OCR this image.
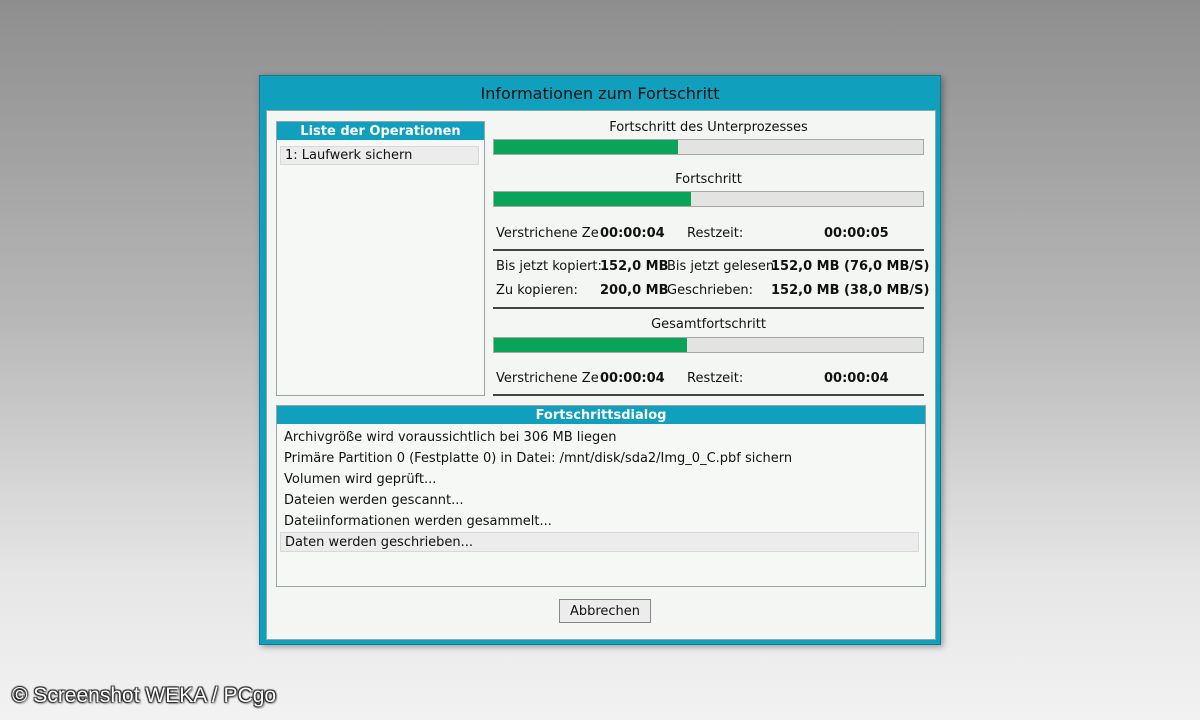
Informationen zum Fortschritt
Liste der Operationen
1: Laufwerk sichern
Fortschritt des Unterprozesses
Fortschritt
Verstrichene Ze 00:00:04 Restzeit:	00:00:05
Bis jetzt kopiert:
152,0 MB
Bis jetzt gelesen
152,0 MB (76,0 MB/S)
Zu kopieren: 200,0 MB
Geschrieben: 152,0 MB (38,0 MB/S)
Gesamtfortschritt
Verstrichene Ze 00:00:04 Restzeit:	00:00:04
Fortschrittsdialog
Archivgröße wird voraussichtlich bei 306 MB liegen
Primäre Partition 0 (Festplatte 0) in Datei: /mnt/disk/sda2/Img_0_C.pbf sichern
Volumen wird geprüft...
Dateien werden gescannt...
Dateiinformationen werden gesammelt...
Daten werden geschrieben...
Abbrechen
© Screenshot WEKA / PCgo
